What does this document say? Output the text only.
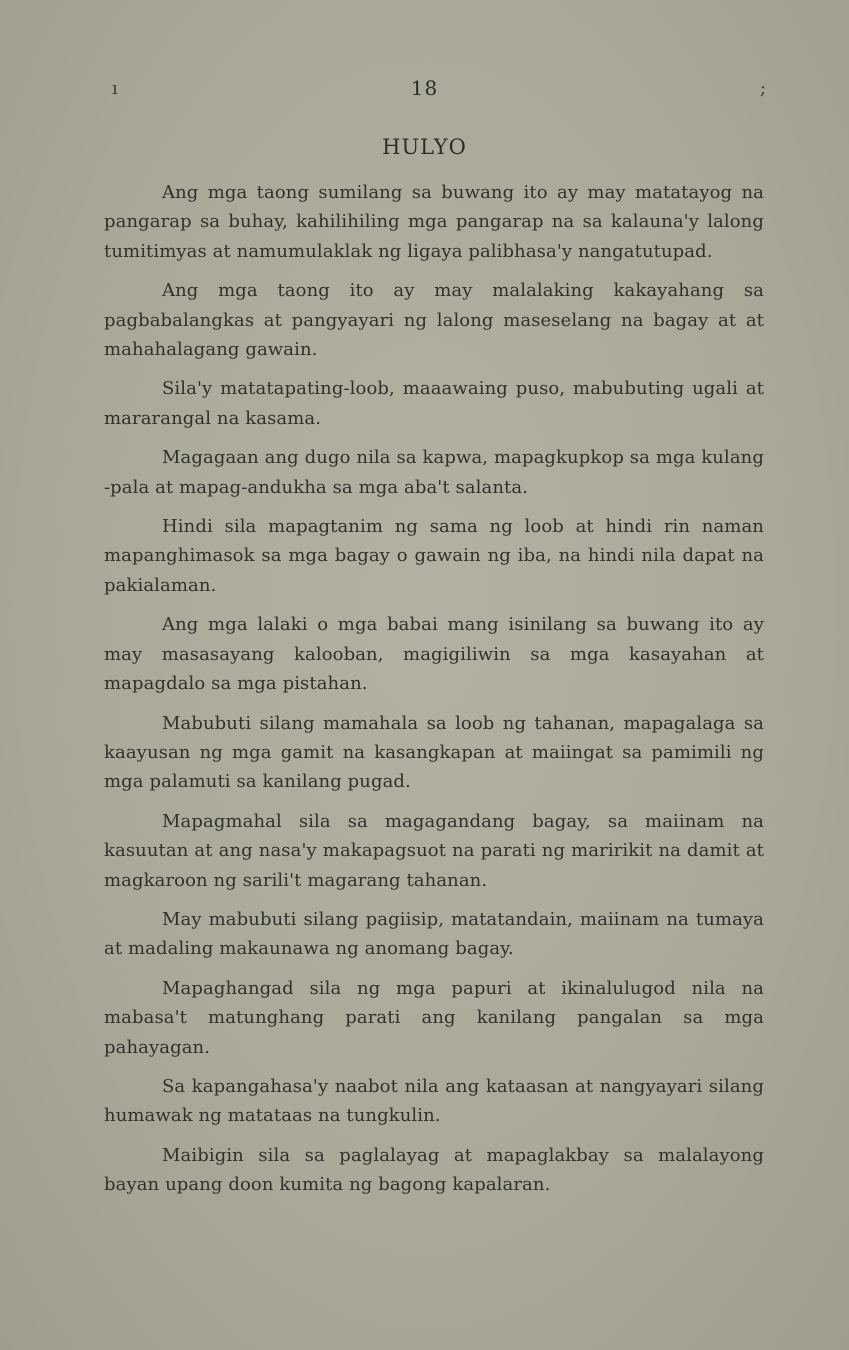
ı	;
18
HULYO

Ang mga taong sumilang sa buwang ito ay may matatayog na pangarap sa buhay, kahilihiling mga pangarap na sa kalauna'y lalong tumitimyas at namumulaklak ng ligaya palibhasa'y nangatutupad.

Ang mga taong ito ay may malalaking kakayahang sa pagbabalangkas at pangyayari ng lalong maseselang na bagay at at mahahalagang gawain.

Sila'y matatapating-loob, maaawaing puso, mabubuting ugali at mararangal na kasama.

Magagaan ang dugo nila sa kapwa, mapagkupkop sa mga kulang -pala at mapag-andukha sa mga aba't salanta.

Hindi sila mapagtanim ng sama ng loob at hindi rin naman mapanghimasok sa mga bagay o gawain ng iba, na hindi nila dapat na pakialaman.

Ang mga lalaki o mga babai mang isinilang sa buwang ito ay may masasayang kalooban, magigiliwin sa mga kasayahan at mapagdalo sa mga pistahan.

Mabubuti silang mamahala sa loob ng tahanan, mapagalaga sa kaayusan ng mga gamit na kasangkapan at maiingat sa pamimili ng mga palamuti sa kanilang pugad.

Mapagmahal sila sa magagandang bagay, sa maiinam na kasuutan at ang nasa'y makapagsuot na parati ng maririkit na damit at magkaroon ng sarili't magarang tahanan.

May mabubuti silang pagiisip, matatandain, maiinam na tumaya at madaling makaunawa ng anomang bagay.

Mapaghangad sila ng mga papuri at ikinalulugod nila na mabasa't matunghang parati ang kanilang pangalan sa mga pahayagan.

Sa kapangahasa'y naabot nila ang kataasan at nangyayari silang humawak ng matataas na tungkulin.

Maibigin sila sa paglalayag at mapaglakbay sa malalayong bayan upang doon kumita ng bagong kapalaran.
